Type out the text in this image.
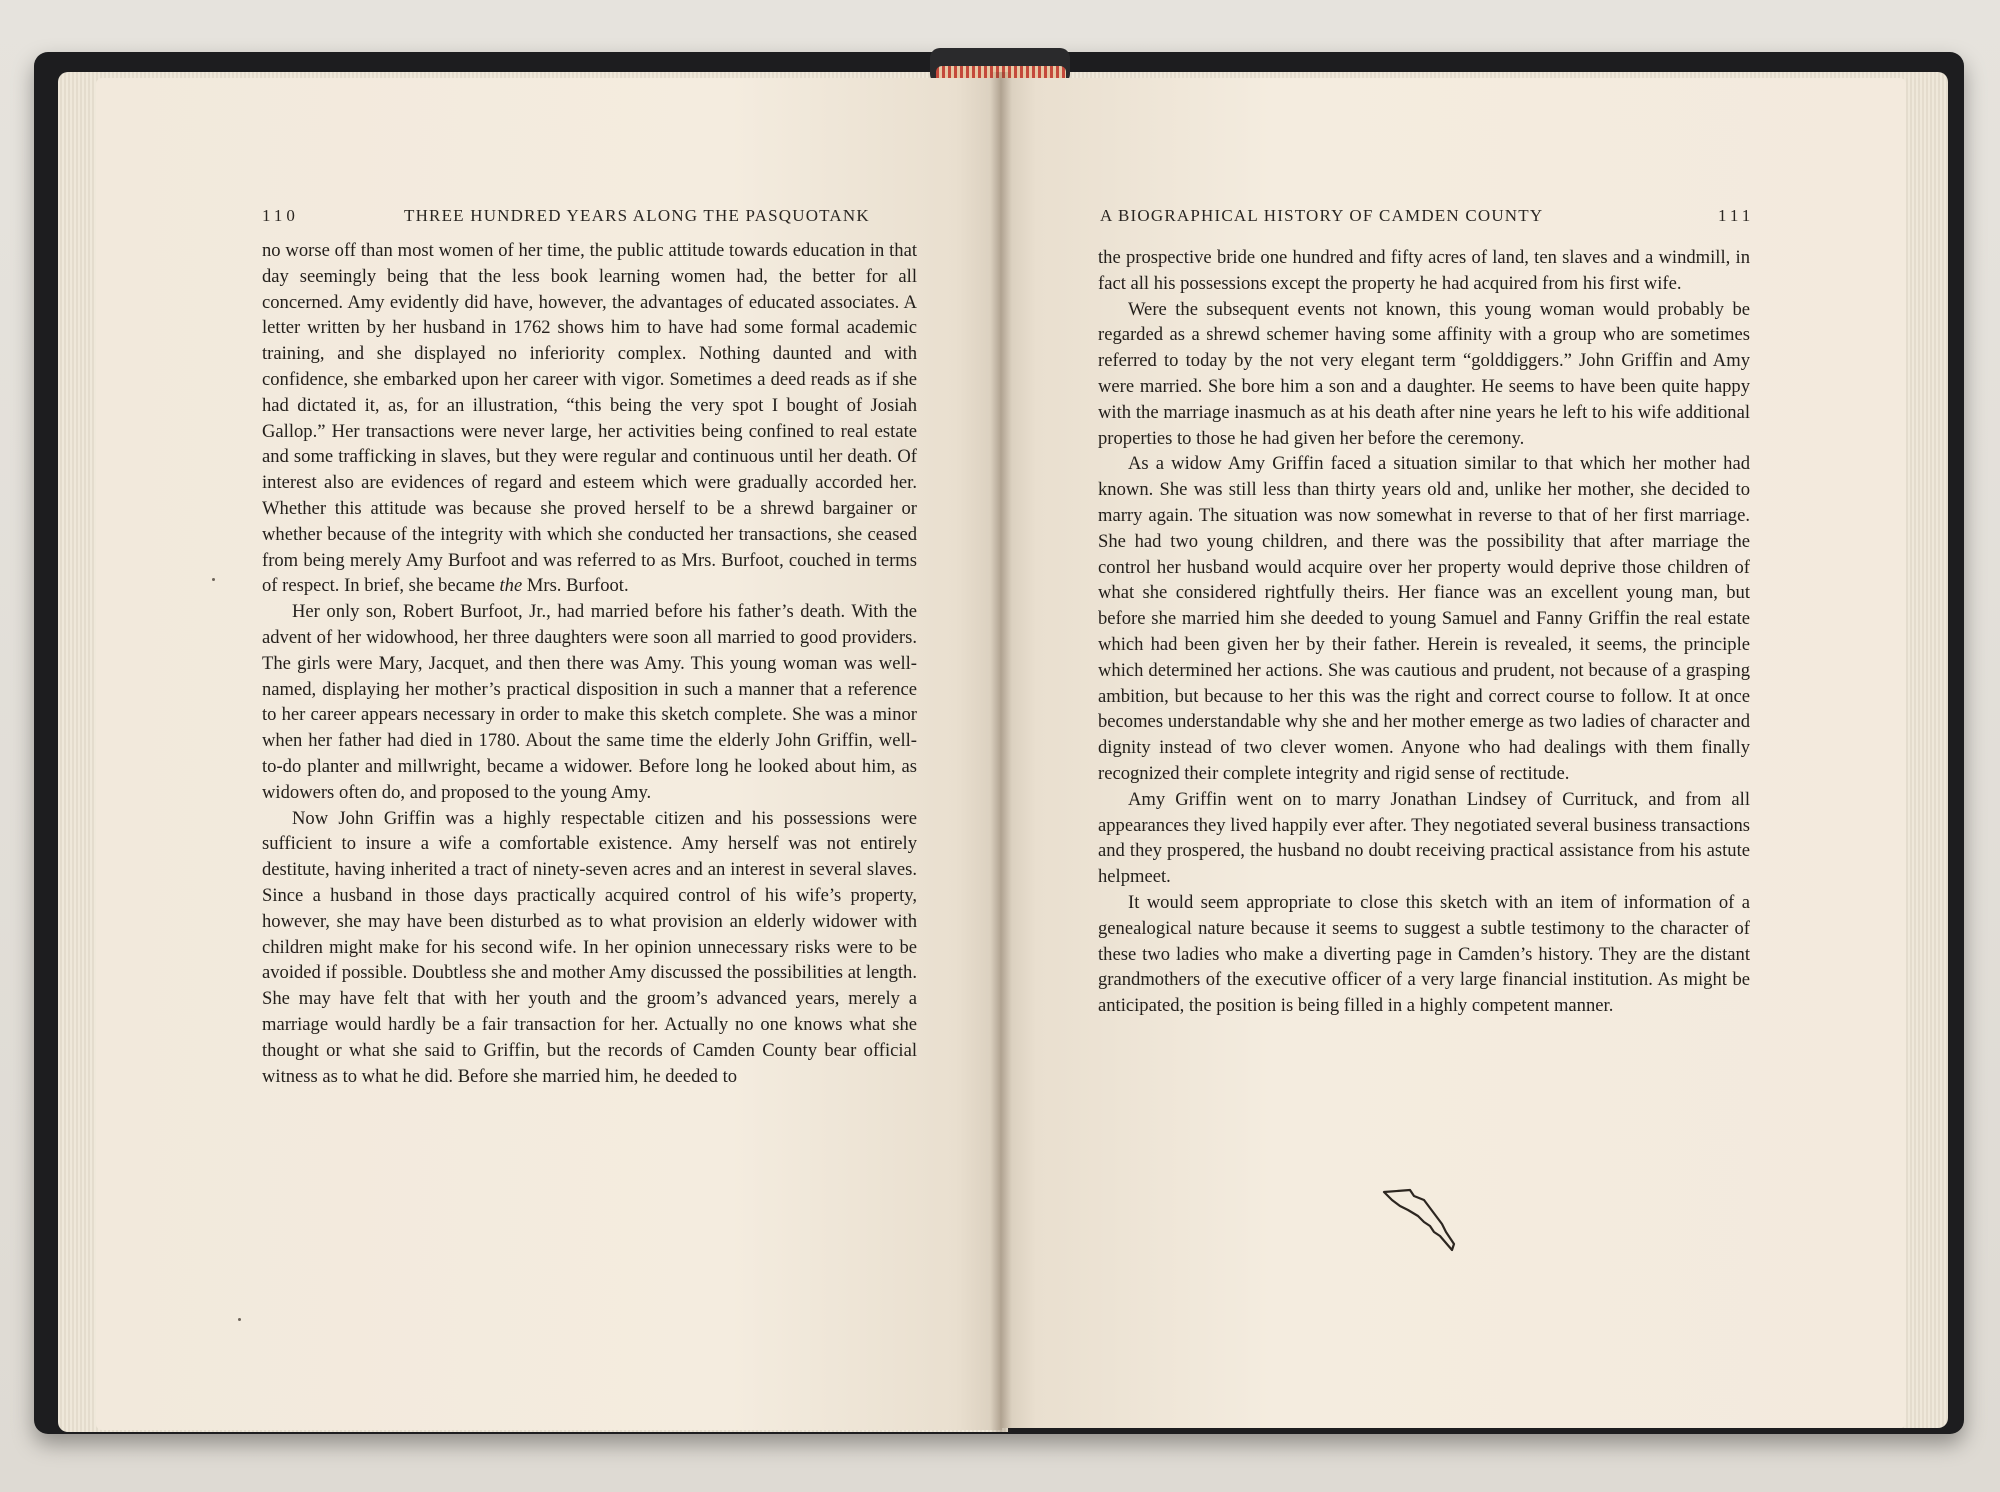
110	THREE HUNDRED YEARS ALONG THE PASQUOTANK

no worse off than most women of her time, the public attitude towards education in that day seemingly being that the less book learning women had, the better for all concerned. Amy evidently did have, however, the advantages of educated associates. A letter written by her husband in 1762 shows him to have had some formal academic training, and she displayed no inferiority complex. Nothing daunted and with confidence, she embarked upon her career with vigor. Sometimes a deed reads as if she had dictated it, as, for an illustration, “this being the very spot I bought of Josiah Gallop.” Her transactions were never large, her activities being confined to real estate and some trafficking in slaves, but they were regular and continuous until her death. Of interest also are evidences of regard and esteem which were gradually accorded her. Whether this attitude was because she proved herself to be a shrewd bargainer or whether because of the integrity with which she conducted her transactions, she ceased from being merely Amy Burfoot and was referred to as Mrs. Burfoot, couched in terms of respect. In brief, she became the Mrs. Burfoot.

Her only son, Robert Burfoot, Jr., had married before his father’s death. With the advent of her widowhood, her three daughters were soon all married to good providers. The girls were Mary, Jacquet, and then there was Amy. This young woman was well-named, displaying her mother’s practical disposition in such a manner that a reference to her career appears necessary in order to make this sketch complete. She was a minor when her father had died in 1780. About the same time the elderly John Griffin, well-to-do planter and millwright, became a widower. Before long he looked about him, as widowers often do, and proposed to the young Amy.

Now John Griffin was a highly respectable citizen and his possessions were sufficient to insure a wife a comfortable existence. Amy herself was not entirely destitute, having inherited a tract of ninety-seven acres and an interest in several slaves. Since a husband in those days practically acquired control of his wife’s property, however, she may have been disturbed as to what provision an elderly widower with children might make for his second wife. In her opinion unnecessary risks were to be avoided if possible. Doubtless she and mother Amy discussed the possibilities at length. She may have felt that with her youth and the groom’s advanced years, merely a marriage would hardly be a fair transaction for her. Actually no one knows what she thought or what she said to Griffin, but the records of Camden County bear official witness as to what he did. Before she married him, he deeded to

A BIOGRAPHICAL HISTORY OF CAMDEN COUNTY	111

the prospective bride one hundred and fifty acres of land, ten slaves and a windmill, in fact all his possessions except the property he had acquired from his first wife.

Were the subsequent events not known, this young woman would probably be regarded as a shrewd schemer having some affinity with a group who are sometimes referred to today by the not very elegant term “golddiggers.” John Griffin and Amy were married. She bore him a son and a daughter. He seems to have been quite happy with the marriage inasmuch as at his death after nine years he left to his wife additional properties to those he had given her before the ceremony.

As a widow Amy Griffin faced a situation similar to that which her mother had known. She was still less than thirty years old and, unlike her mother, she decided to marry again. The situation was now somewhat in reverse to that of her first marriage. She had two young children, and there was the possibility that after marriage the control her husband would acquire over her property would deprive those children of what she considered rightfully theirs. Her fiance was an excellent young man, but before she married him she deeded to young Samuel and Fanny Griffin the real estate which had been given her by their father. Herein is revealed, it seems, the principle which determined her actions. She was cautious and prudent, not because of a grasping ambition, but because to her this was the right and correct course to follow. It at once becomes understandable why she and her mother emerge as two ladies of character and dignity instead of two clever women. Anyone who had dealings with them finally recognized their complete integrity and rigid sense of rectitude.

Amy Griffin went on to marry Jonathan Lindsey of Currituck, and from all appearances they lived happily ever after. They negotiated several business transactions and they prospered, the husband no doubt receiving practical assistance from his astute helpmeet.

It would seem appropriate to close this sketch with an item of information of a genealogical nature because it seems to suggest a subtle testimony to the character of these two ladies who make a diverting page in Camden’s history. They are the distant grandmothers of the executive officer of a very large financial institution. As might be anticipated, the position is being filled in a highly competent manner.
